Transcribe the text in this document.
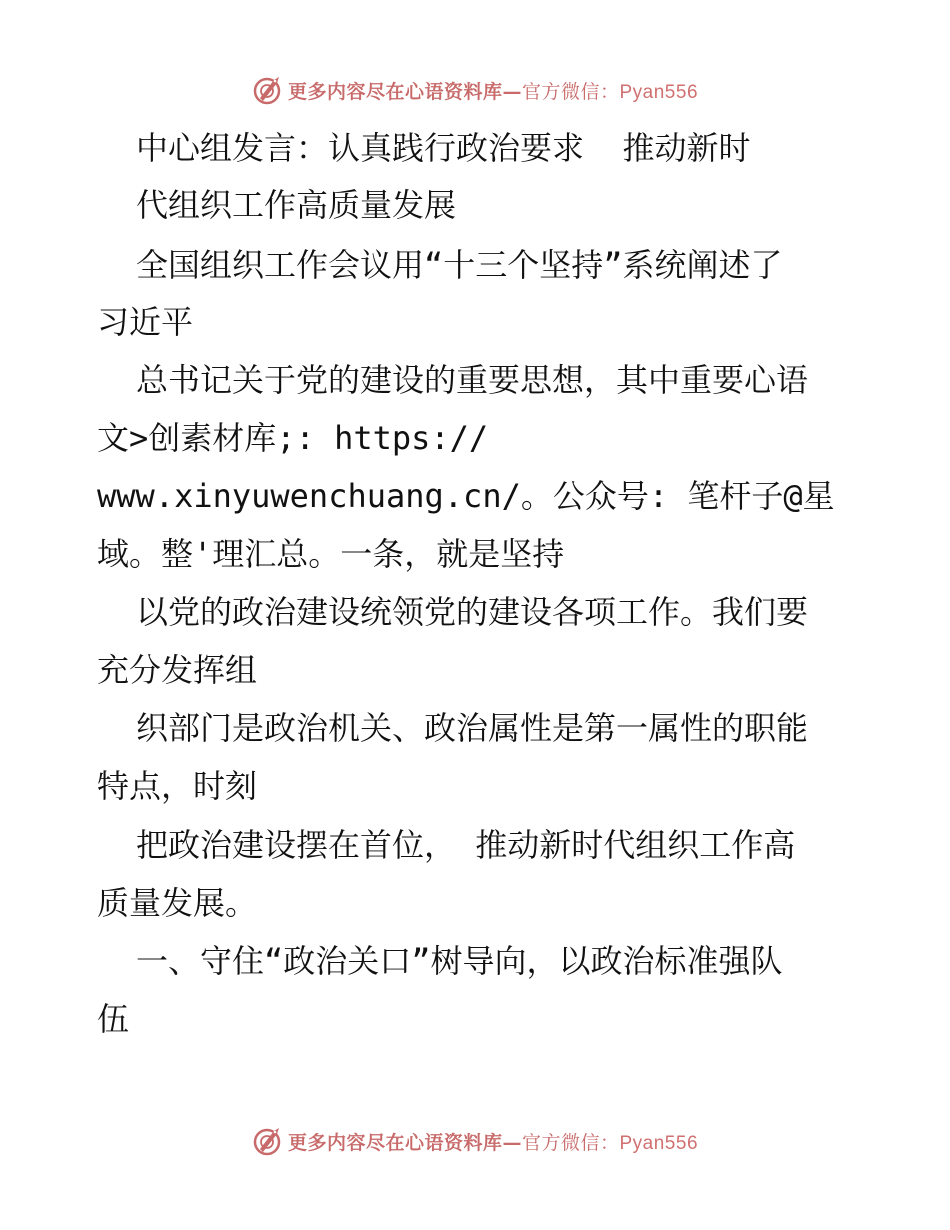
更多内容尽在心语资料库—官方微信：Pyan556
中心组发言：认真践行政治要求  推动新时
代组织工作高质量发展
全国组织工作会议用“十三个坚持”系统阐述了
习近平
总书记关于党的建设的重要思想，其中重要心语
文>创素材库;: https://
www.xinyuwenchuang.cn/。公众号: 笔杆子@星
域。整'理汇总。一条，就是坚持
以党的政治建设统领党的建设各项工作。我们要
充分发挥组
织部门是政治机关、政治属性是第一属性的职能
特点，时刻
把政治建设摆在首位， 推动新时代组织工作高
质量发展。
一、守住“政治关口”树导向，以政治标准强队
伍
更多内容尽在心语资料库—官方微信：Pyan556
